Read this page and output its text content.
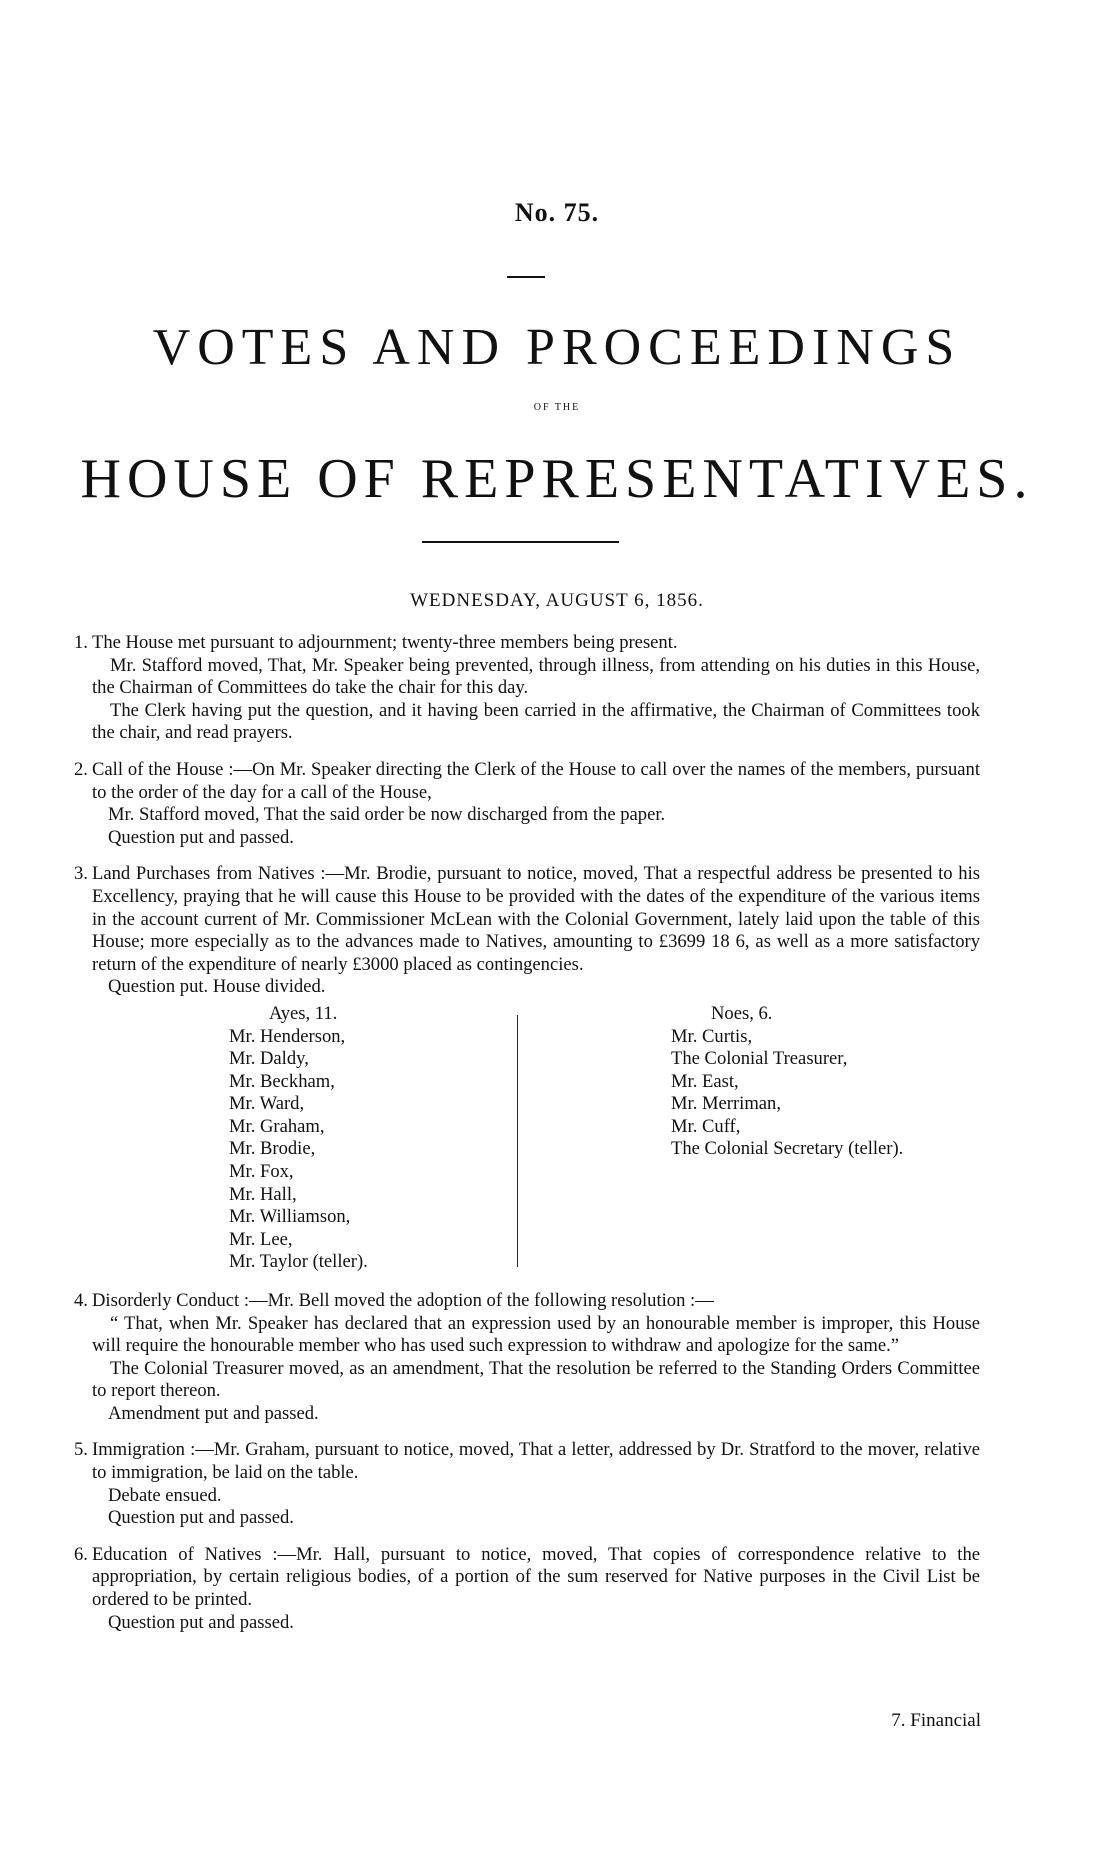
No. 75.
VOTES AND PROCEEDINGS
OF THE
HOUSE OF REPRESENTATIVES.
WEDNESDAY, AUGUST 6, 1856.

1. The House met pursuant to adjournment; twenty-three members being present.

Mr. Stafford moved, That, Mr. Speaker being prevented, through illness, from attending on his duties in this House, the Chairman of Committees do take the chair for this day.

The Clerk having put the question, and it having been carried in the affirmative, the Chairman of Committees took the chair, and read prayers.

2. Call of the House :—On Mr. Speaker directing the Clerk of the House to call over the names of the members, pursuant to the order of the day for a call of the House,

Mr. Stafford moved, That the said order be now discharged from the paper.

Question put and passed.

3. Land Purchases from Natives :—Mr. Brodie, pursuant to notice, moved, That a respectful address be presented to his Excellency, praying that he will cause this House to be provided with the dates of the expenditure of the various items in the account current of Mr. Commissioner McLean with the Colonial Government, lately laid upon the table of this House; more especially as to the advances made to Natives, amounting to £3699 18 6, as well as a more satisfactory return of the expenditure of nearly £3000 placed as contingencies.

Question put. House divided.

Ayes, 11.

Mr. Henderson,

Mr. Daldy,

Mr. Beckham,

Mr. Ward,

Mr. Graham,

Mr. Brodie,

Mr. Fox,

Mr. Hall,

Mr. Williamson,

Mr. Lee,

Mr. Taylor (teller).

Noes, 6.

Mr. Curtis,

The Colonial Treasurer,

Mr. East,

Mr. Merriman,

Mr. Cuff,

The Colonial Secretary (teller).

4. Disorderly Conduct :—Mr. Bell moved the adoption of the following resolution :—

“ That, when Mr. Speaker has declared that an expression used by an honourable member is improper, this House will require the honourable member who has used such expression to withdraw and apologize for the same.”

The Colonial Treasurer moved, as an amendment, That the resolution be referred to the Standing Orders Committee to report thereon.

Amendment put and passed.

5. Immigration :—Mr. Graham, pursuant to notice, moved, That a letter, addressed by Dr. Stratford to the mover, relative to immigration, be laid on the table.

Debate ensued.

Question put and passed.

6. Education of Natives :—Mr. Hall, pursuant to notice, moved, That copies of correspondence relative to the appropriation, by certain religious bodies, of a portion of the sum reserved for Native purposes in the Civil List be ordered to be printed.

Question put and passed.

7. Financial
